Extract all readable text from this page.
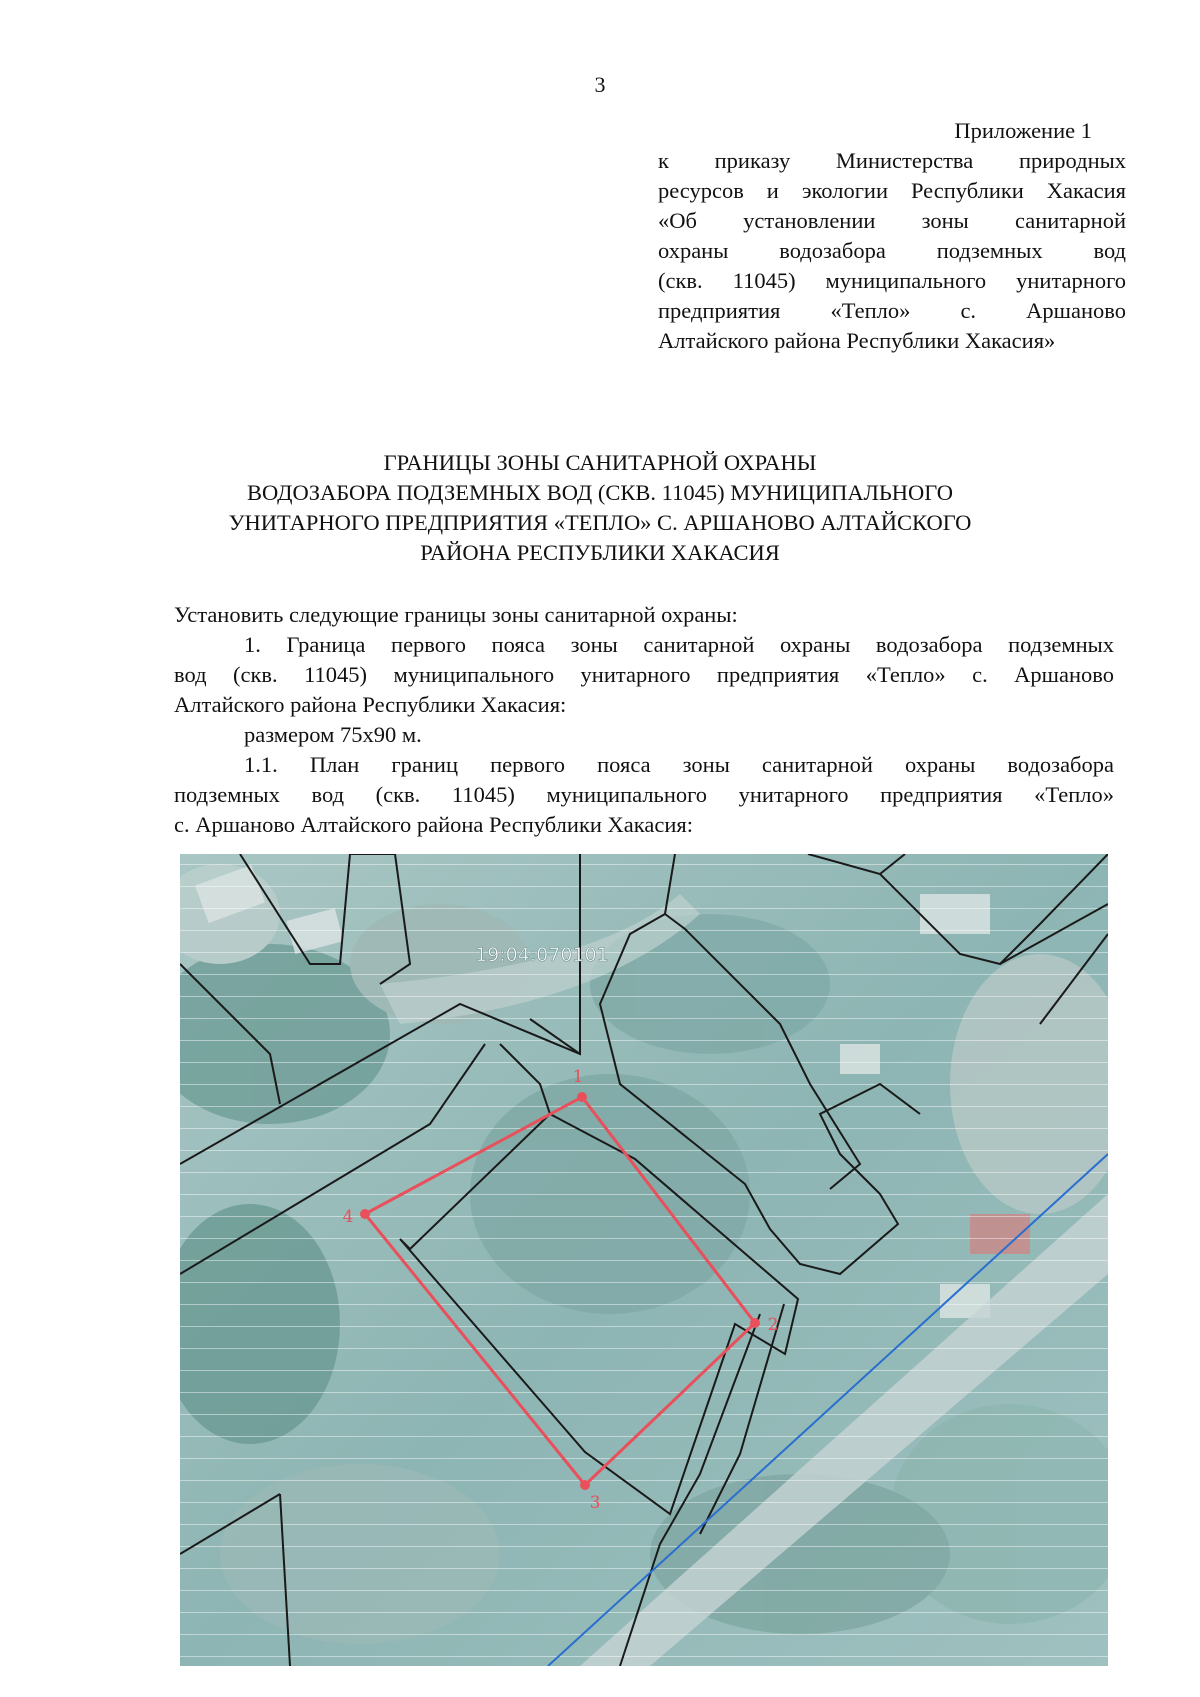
3
Приложение 1
к приказу Министерства природных
ресурсов и экологии Республики Хакасия
«Об установлении зоны санитарной
охраны водозабора подземных вод
(скв. 11045) муниципального унитарного
предприятия «Тепло» с. Аршаново
Алтайского района Республики Хакасия»
ГРАНИЦЫ ЗОНЫ САНИТАРНОЙ ОХРАНЫ
ВОДОЗАБОРА ПОДЗЕМНЫХ ВОД (СКВ. 11045) МУНИЦИПАЛЬНОГО
УНИТАРНОГО ПРЕДПРИЯТИЯ «ТЕПЛО» С. АРШАНОВО АЛТАЙСКОГО
РАЙОНА РЕСПУБЛИКИ ХАКАСИЯ
Установить следующие границы зоны санитарной охраны:
1. Граница первого пояса зоны санитарной охраны водозабора подземных
вод (скв. 11045) муниципального унитарного предприятия «Тепло» с. Аршаново
Алтайского района Республики Хакасия:
размером 75х90 м.
1.1. План границ первого пояса зоны санитарной охраны водозабора
подземных вод (скв. 11045) муниципального унитарного предприятия «Тепло»
с. Аршаново Алтайского района Республики Хакасия:
1
2
3
4
19:04:070101
